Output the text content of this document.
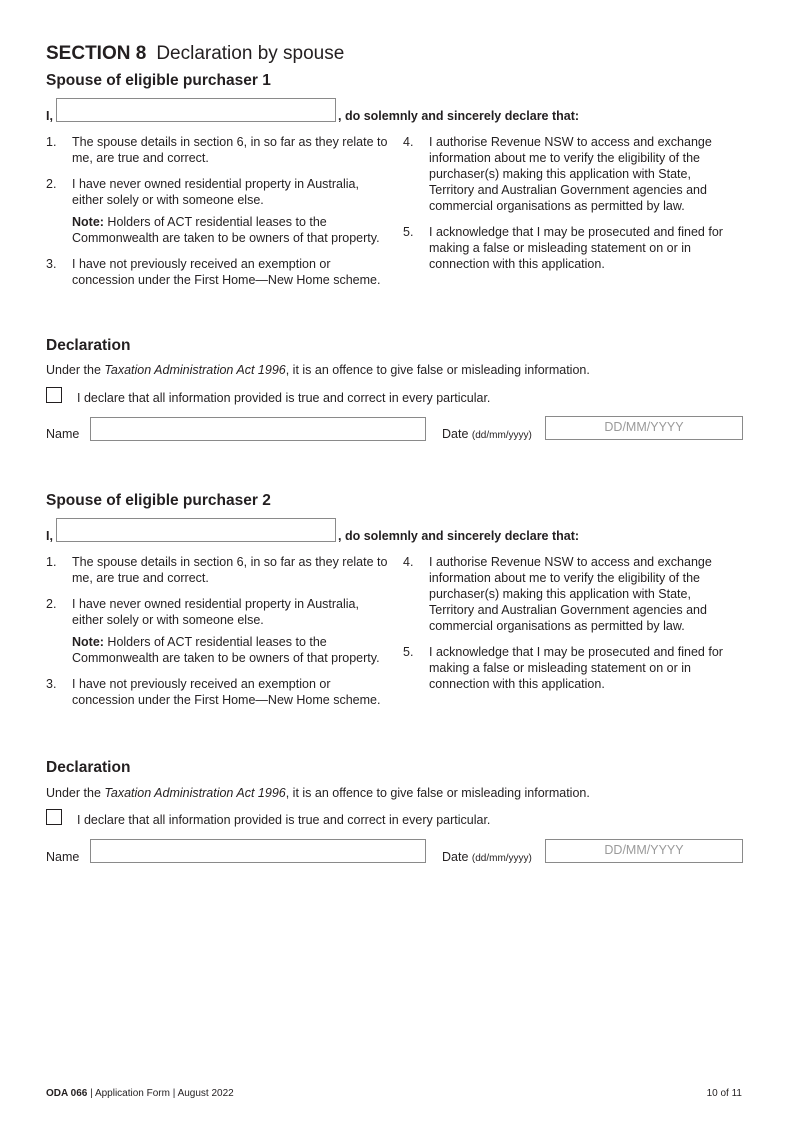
SECTION 8 Declaration by spouse
Spouse of eligible purchaser 1
I,	, do solemnly and sincerely declare that:
1. The spouse details in section 6, in so far as they relate to me, are true and correct.
2. I have never owned residential property in Australia, either solely or with someone else.
Note: Holders of ACT residential leases to the Commonwealth are taken to be owners of that property.
3. I have not previously received an exemption or concession under the First Home—New Home scheme.
4. I authorise Revenue NSW to access and exchange information about me to verify the eligibility of the purchaser(s) making this application with State, Territory and Australian Government agencies and commercial organisations as permitted by law.
5. I acknowledge that I may be prosecuted and fined for making a false or misleading statement on or in connection with this application.
Declaration
Under the Taxation Administration Act 1996, it is an offence to give false or misleading information.
I declare that all information provided is true and correct in every particular.
Name	Date (dd/mm/yyyy)
DD/MM/YYYY
Spouse of eligible purchaser 2
I,	, do solemnly and sincerely declare that:
1. The spouse details in section 6, in so far as they relate to me, are true and correct.
2. I have never owned residential property in Australia, either solely or with someone else.
Note: Holders of ACT residential leases to the Commonwealth are taken to be owners of that property.
3. I have not previously received an exemption or concession under the First Home—New Home scheme.
4. I authorise Revenue NSW to access and exchange information about me to verify the eligibility of the purchaser(s) making this application with State, Territory and Australian Government agencies and commercial organisations as permitted by law.
5. I acknowledge that I may be prosecuted and fined for making a false or misleading statement on or in connection with this application.
Declaration
Under the Taxation Administration Act 1996, it is an offence to give false or misleading information.
I declare that all information provided is true and correct in every particular.
Name	Date (dd/mm/yyyy)
DD/MM/YYYY
ODA 066 | Application Form | August 2022	10 of 11
